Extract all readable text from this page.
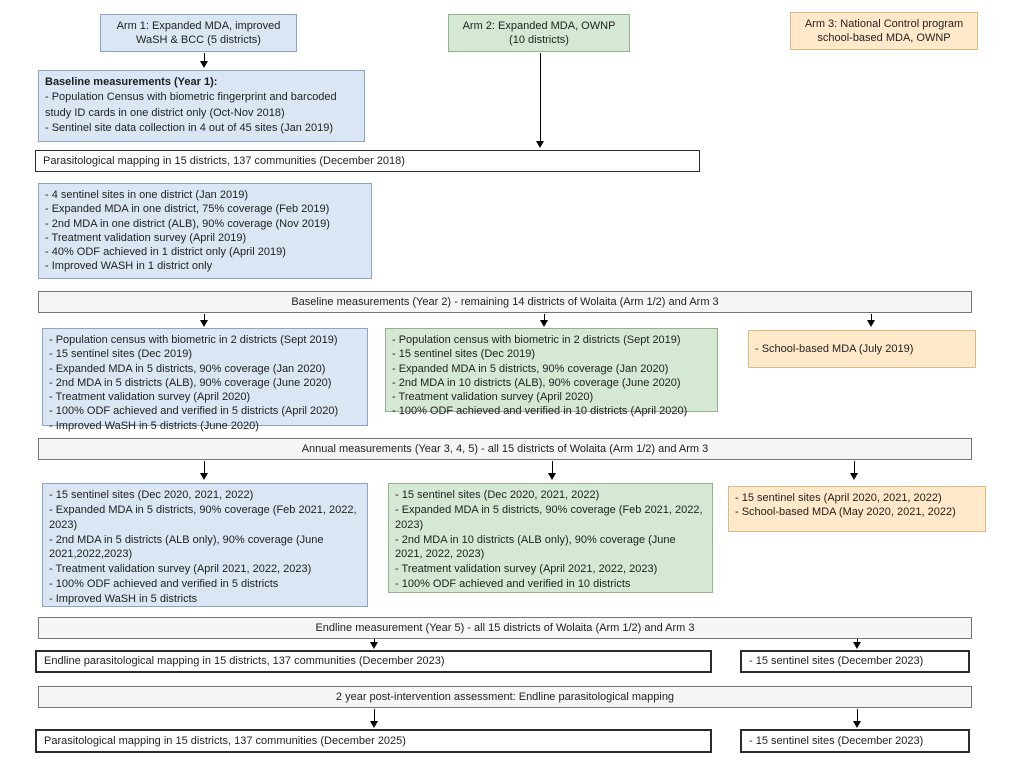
Arm 1: Expanded MDA, improved WaSH & BCC (5 districts)
Arm 2: Expanded MDA, OWNP (10 districts)
Arm 3: National Control program school-based MDA, OWNP
Baseline measurements (Year 1):
- Population Census with biometric fingerprint and barcoded study ID cards in one district only (Oct-Nov 2018)
- Sentinel site data collection in 4 out of 45 sites (Jan 2019)
Parasitological mapping in 15 districts, 137 communities (December 2018)
- 4 sentinel sites in one district (Jan 2019)
- Expanded MDA in one district, 75% coverage (Feb 2019)
- 2nd MDA in one district (ALB), 90% coverage (Nov 2019)
- Treatment validation survey (April 2019)
- 40% ODF achieved in 1 district only (April 2019)
- Improved WASH in 1 district only
Baseline measurements (Year 2) - remaining 14 districts of Wolaita (Arm 1/2) and Arm 3
- Population census with biometric in 2 districts (Sept 2019)
- 15 sentinel sites (Dec 2019)
- Expanded MDA in 5 districts, 90% coverage (Jan 2020)
- 2nd MDA in 5 districts (ALB), 90% coverage (June 2020)
- Treatment validation survey (April 2020)
- 100% ODF achieved and verified in 5 districts (April 2020)
- Improved WaSH in 5 districts (June 2020)
- Population census with biometric in 2 districts (Sept 2019)
- 15 sentinel sites (Dec 2019)
- Expanded MDA in 5 districts, 90% coverage (Jan 2020)
- 2nd MDA in 10 districts (ALB), 90% coverage (June 2020)
- Treatment validation survey (April 2020)
- 100% ODF achieved and verified in 10 districts (April 2020)
- School-based MDA (July 2019)
Annual measurements (Year 3, 4, 5) - all 15 districts of Wolaita (Arm 1/2) and Arm 3
- 15 sentinel sites (Dec 2020, 2021, 2022)
- Expanded MDA in 5 districts, 90% coverage (Feb 2021, 2022, 2023)
- 2nd MDA in 5 districts (ALB only), 90% coverage (June 2021,2022,2023)
- Treatment validation survey (April 2021, 2022, 2023)
- 100% ODF achieved and verified in 5 districts
- Improved WaSH in 5 districts
- 15 sentinel sites (Dec 2020, 2021, 2022)
- Expanded MDA in 5 districts, 90% coverage (Feb 2021, 2022, 2023)
- 2nd MDA in 10 districts (ALB only), 90% coverage (June 2021, 2022, 2023)
- Treatment validation survey (April 2021, 2022, 2023)
- 100% ODF achieved and verified in 10 districts
- 15 sentinel sites (April 2020, 2021, 2022)
- School-based MDA (May 2020, 2021, 2022)
Endline measurement (Year 5) - all 15 districts of Wolaita (Arm 1/2) and Arm 3
Endline parasitological mapping in 15 districts, 137 communities (December 2023)	- 15 sentinel sites (December 2023)
2 year post-intervention assessment: Endline parasitological mapping
Parasitological mapping in 15 districts, 137 communities (December 2025)	- 15 sentinel sites (December 2023)
